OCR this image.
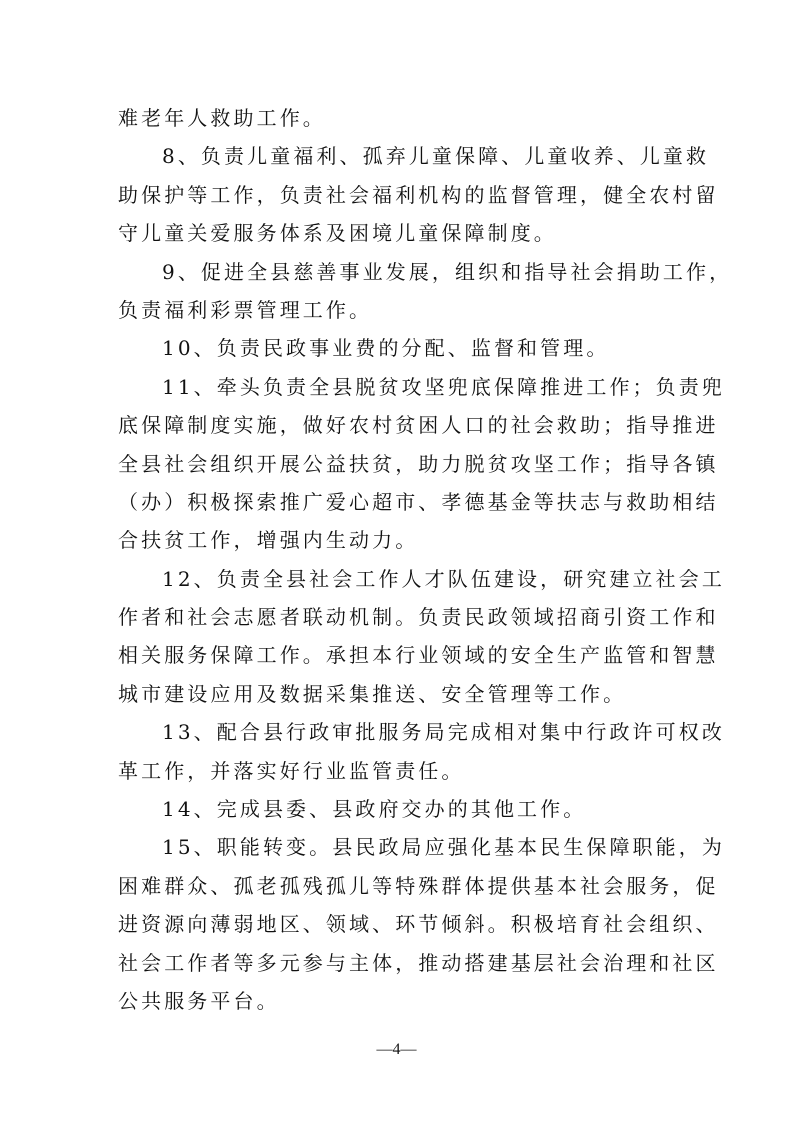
难老年人救助工作。
8、负责儿童福利、孤弃儿童保障、儿童收养、儿童救
助保护等工作，负责社会福利机构的监督管理，健全农村留
守儿童关爱服务体系及困境儿童保障制度。
9、促进全县慈善事业发展，组织和指导社会捐助工作，
负责福利彩票管理工作。
10、负责民政事业费的分配、监督和管理。
11、牵头负责全县脱贫攻坚兜底保障推进工作；负责兜
底保障制度实施，做好农村贫困人口的社会救助；指导推进
全县社会组织开展公益扶贫，助力脱贫攻坚工作；指导各镇
（办）积极探索推广爱心超市、孝德基金等扶志与救助相结
合扶贫工作，增强内生动力。
12、负责全县社会工作人才队伍建设，研究建立社会工
作者和社会志愿者联动机制。负责民政领域招商引资工作和
相关服务保障工作。承担本行业领域的安全生产监管和智慧
城市建设应用及数据采集推送、安全管理等工作。
13、配合县行政审批服务局完成相对集中行政许可权改
革工作，并落实好行业监管责任。
14、完成县委、县政府交办的其他工作。
15、职能转变。县民政局应强化基本民生保障职能，为
困难群众、孤老孤残孤儿等特殊群体提供基本社会服务，促
进资源向薄弱地区、领域、环节倾斜。积极培育社会组织、
社会工作者等多元参与主体，推动搭建基层社会治理和社区
公共服务平台。
—4—
